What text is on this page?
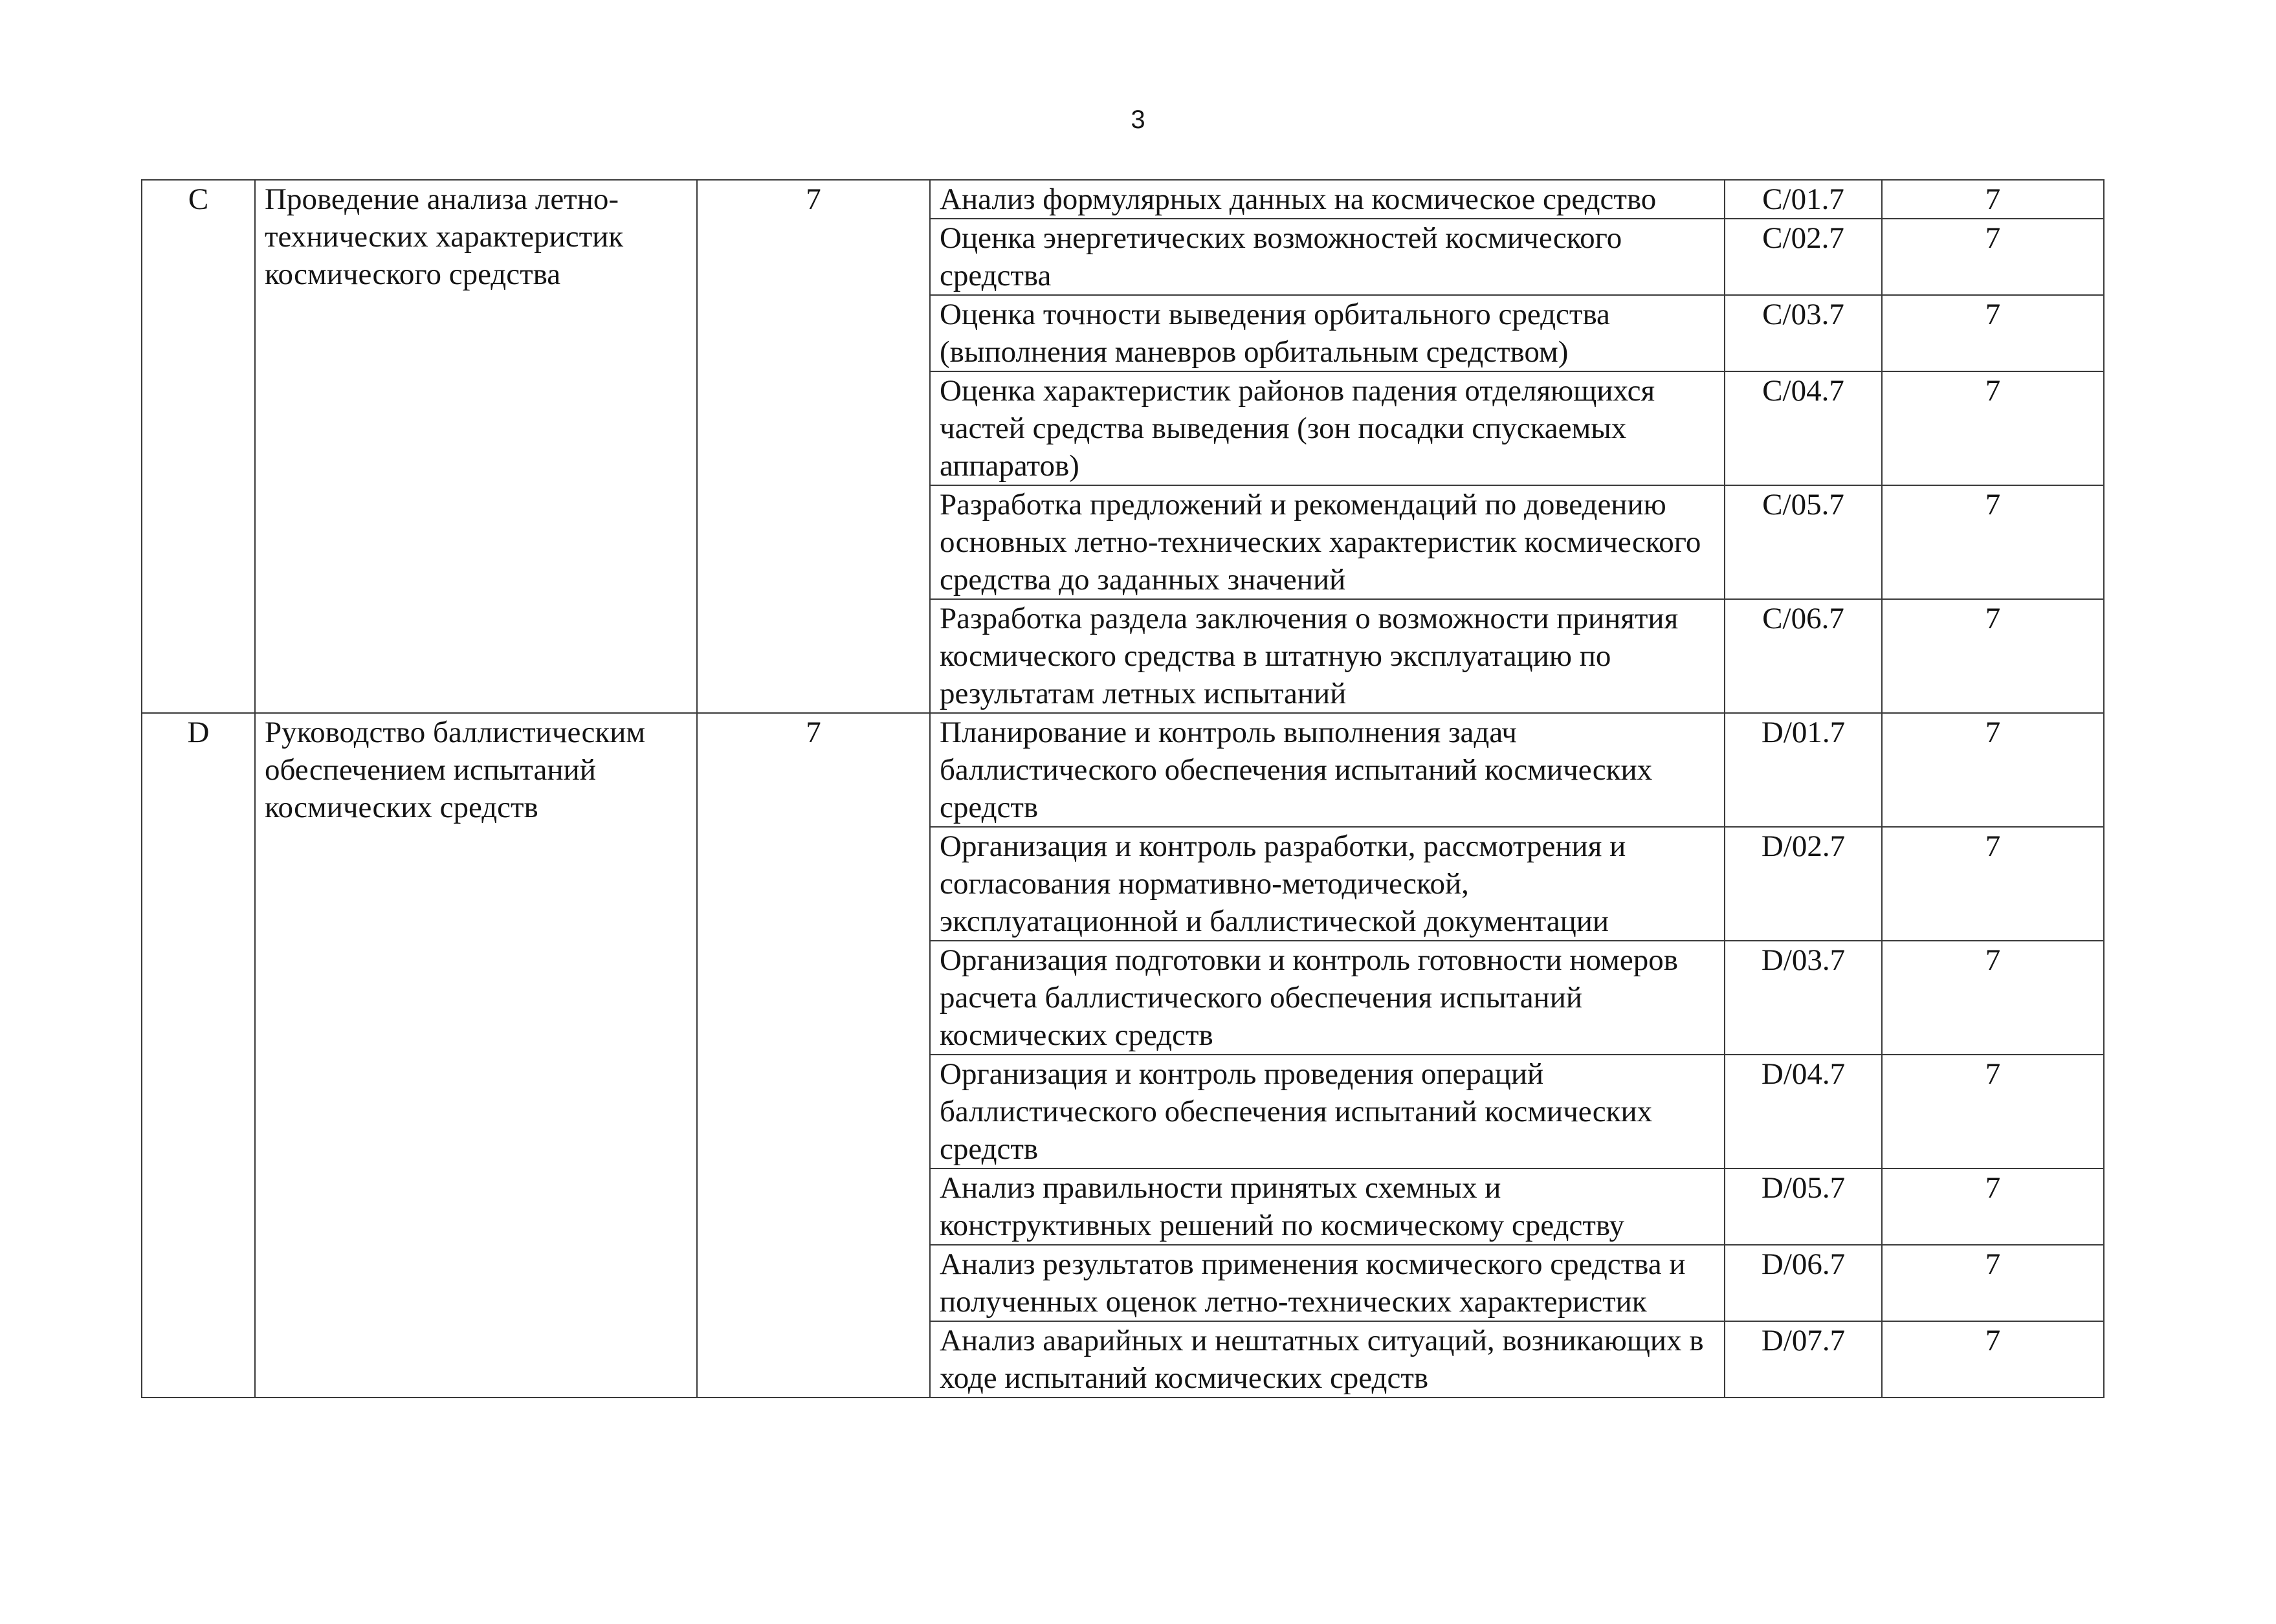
3
C	Проведение анализа летно-технических характеристик космического средства	7	Анализ формулярных данных на космическое средство	C/01.7	7
			Оценка энергетических возможностей космического средства	C/02.7	7
			Оценка точности выведения орбитального средства (выполнения маневров орбитальным средством)	C/03.7	7
			Оценка характеристик районов падения отделяющихся частей средства выведения (зон посадки спускаемых аппаратов)	C/04.7	7
			Разработка предложений и рекомендаций по доведению основных летно-технических характеристик космического средства до заданных значений	C/05.7	7
			Разработка раздела заключения о возможности принятия космического средства в штатную эксплуатацию по результатам летных испытаний	C/06.7	7
D	Руководство баллистическим обеспечением испытаний космических средств	7	Планирование и контроль выполнения задач баллистического обеспечения испытаний космических средств	D/01.7	7
			Организация и контроль разработки, рассмотрения и согласования нормативно-методической, эксплуатационной и баллистической документации	D/02.7	7
			Организация подготовки и контроль готовности номеров расчета баллистического обеспечения испытаний космических средств	D/03.7	7
			Организация и контроль проведения операций баллистического обеспечения испытаний космических средств	D/04.7	7
			Анализ правильности принятых схемных и конструктивных решений по космическому средству	D/05.7	7
			Анализ результатов применения космического средства и полученных оценок летно-технических характеристик	D/06.7	7
			Анализ аварийных и нештатных ситуаций, возникающих в ходе испытаний космических средств	D/07.7	7
